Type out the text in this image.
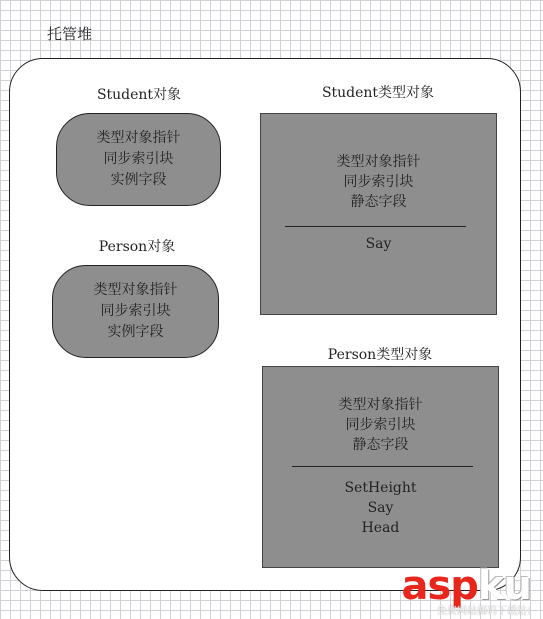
托管堆
Student对象
类型对象指针
同步索引块
实例字段
Person对象
类型对象指针
同步索引块
实例字段
Student类型对象
类型对象指针
同步索引块
静态字段
Say
Person类型对象
类型对象指针
同步索引块
静态字段
SetHeight
Say
Head
aspku
免费网站源码下载站!
